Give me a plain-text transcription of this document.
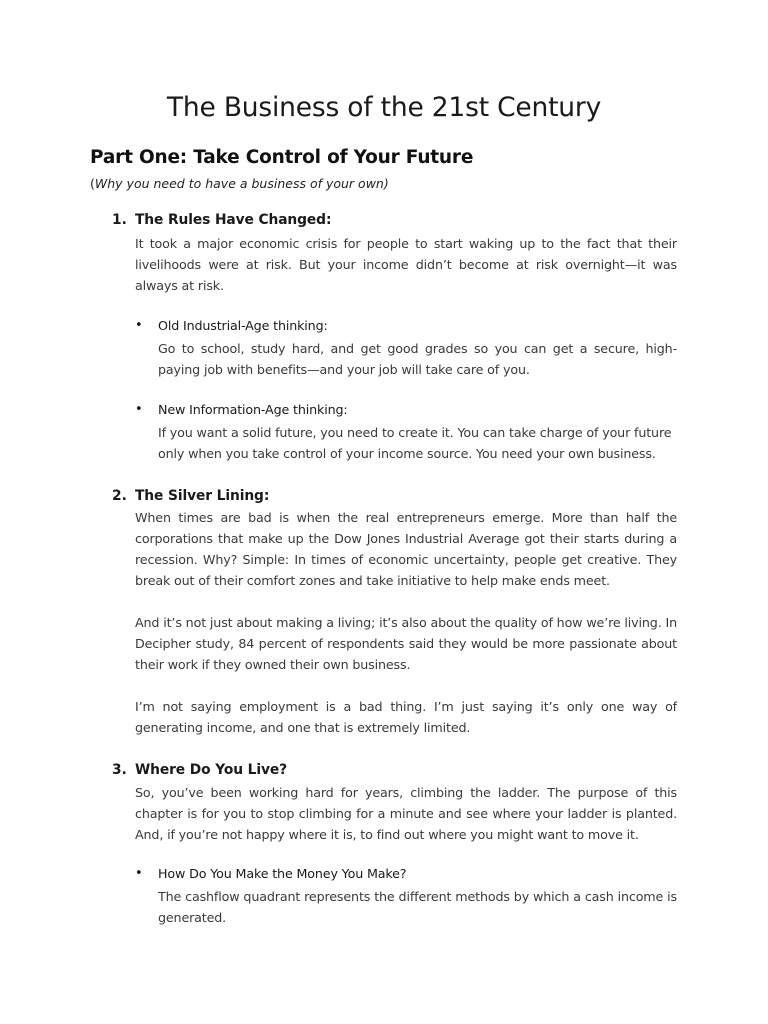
The Business of the 21st Century
Part One: Take Control of Your Future

(Why you need to have a business of your own)

1. The Rules Have Changed:

It took a major economic crisis for people to start waking up to the fact that their livelihoods were at risk. But your income didn’t become at risk overnight—it was always at risk.

• Old Industrial-Age thinking:

Go to school, study hard, and get good grades so you can get a secure, high-paying job with benefits—and your job will take care of you.

• New Information-Age thinking:

If you want a solid future, you need to create it. You can take charge of your future only when you take control of your income source. You need your own business.

2. The Silver Lining:

When times are bad is when the real entrepreneurs emerge. More than half the corporations that make up the Dow Jones Industrial Average got their starts during a recession. Why? Simple: In times of economic uncertainty, people get creative. They break out of their comfort zones and take initiative to help make ends meet.

And it’s not just about making a living; it’s also about the quality of how we’re living. In Decipher study, 84 percent of respondents said they would be more passionate about their work if they owned their own business.

I’m not saying employment is a bad thing. I’m just saying it’s only one way of generating income, and one that is extremely limited.

3. Where Do You Live?

So, you’ve been working hard for years, climbing the ladder. The purpose of this chapter is for you to stop climbing for a minute and see where your ladder is planted. And, if you’re not happy where it is, to find out where you might want to move it.

• How Do You Make the Money You Make?

The cashflow quadrant represents the different methods by which a cash income is generated.
